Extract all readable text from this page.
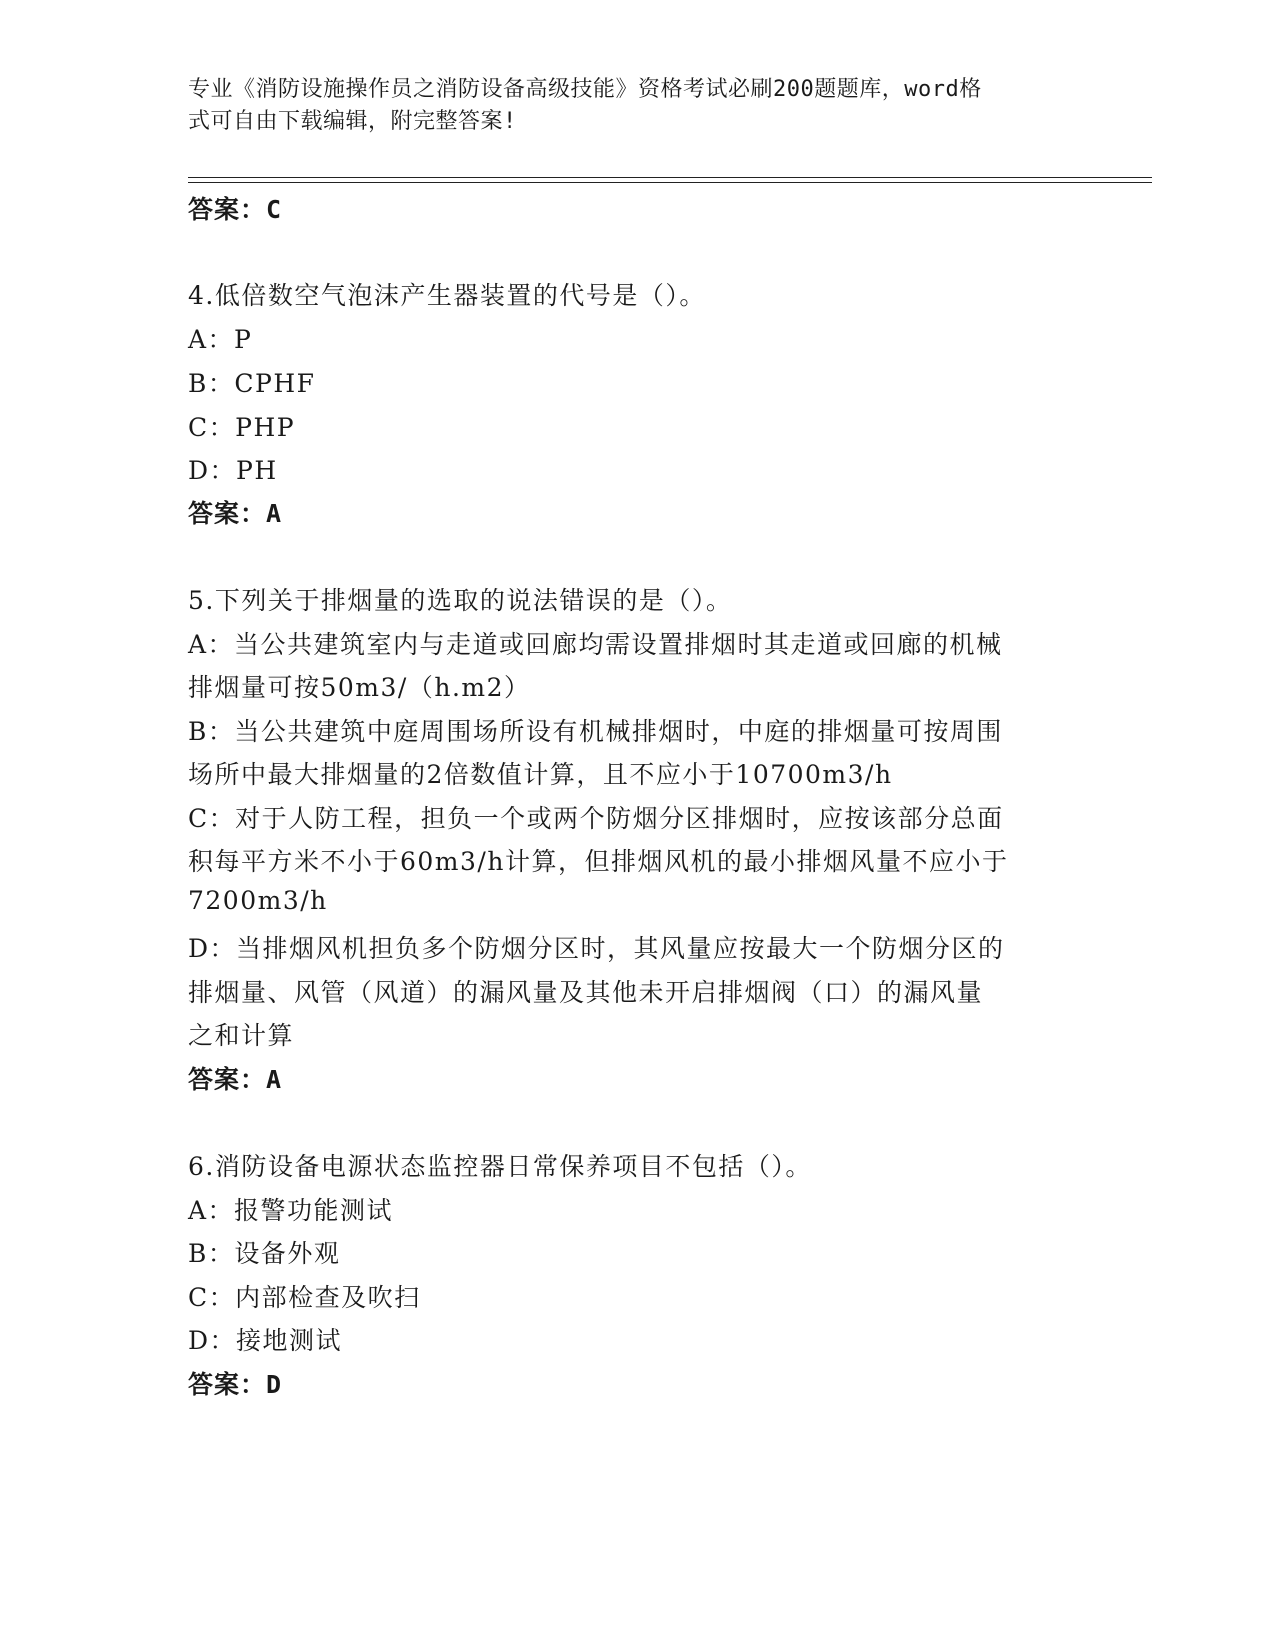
专业《消防设施操作员之消防设备高级技能》资格考试必刷200题题库，word格
式可自由下载编辑，附完整答案!
答案：C
4.低倍数空气泡沫产生器装置的代号是（）。
A：P
B：CPHF
C：PHP
D：PH
答案：A
5.下列关于排烟量的选取的说法错误的是（）。
A：当公共建筑室内与走道或回廊均需设置排烟时其走道或回廊的机械
排烟量可按50m3/（h.m2）
B：当公共建筑中庭周围场所设有机械排烟时，中庭的排烟量可按周围
场所中最大排烟量的2倍数值计算，且不应小于10700m3/h
C：对于人防工程，担负一个或两个防烟分区排烟时，应按该部分总面
积每平方米不小于60m3/h计算，但排烟风机的最小排烟风量不应小于
7200m3/h
D：当排烟风机担负多个防烟分区时，其风量应按最大一个防烟分区的
排烟量、风管（风道）的漏风量及其他未开启排烟阀（口）的漏风量
之和计算
答案：A
6.消防设备电源状态监控器日常保养项目不包括（）。
A：报警功能测试
B：设备外观
C：内部检查及吹扫
D：接地测试
答案：D
